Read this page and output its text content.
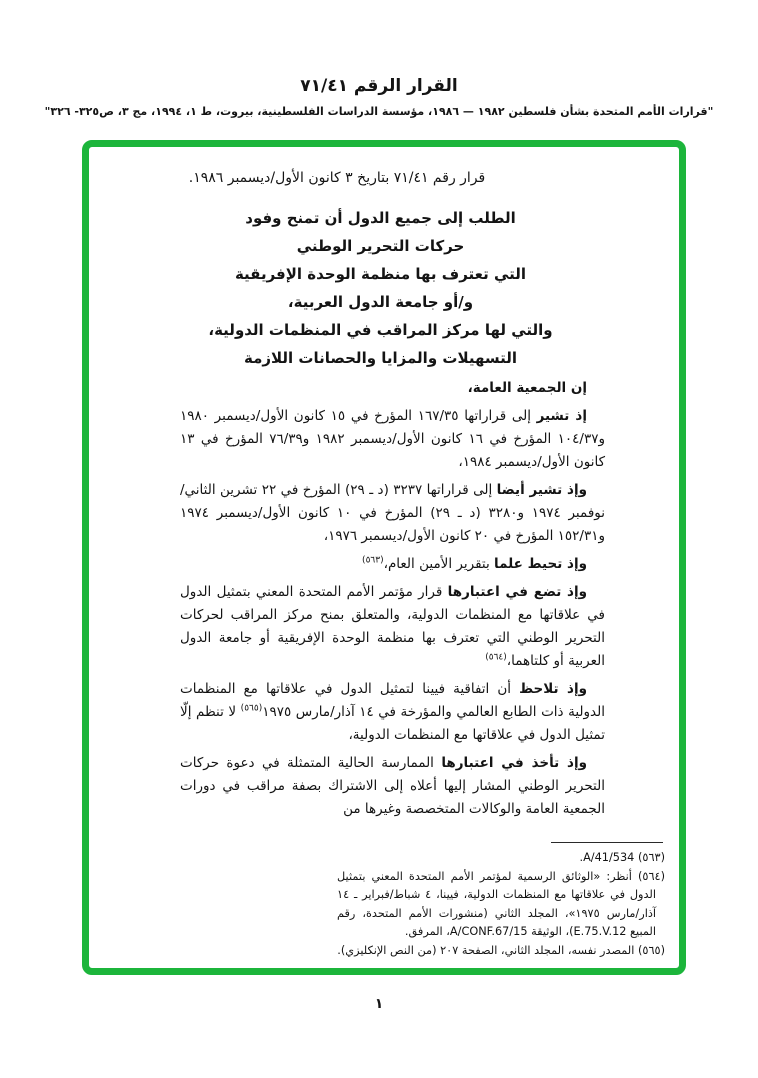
القرار الرقم ٧١/٤١
"قرارات الأمم المتحدة بشأن فلسطين ١٩٨٢ — ١٩٨٦، مؤسسة الدراسات الفلسطينية، بيروت، ط ١، ١٩٩٤، مج ٣، ص٣٢٥- ٣٢٦"
قرار رقم ٧١/٤١ بتاريخ ٣ كانون الأول/ديسمبر ١٩٨٦.
الطلب إلى جميع الدول أن تمنح وفود
حركات التحرير الوطني
التي تعترف بها منظمة الوحدة الإفريقية
و/أو جامعة الدول العربية،
والتي لها مركز المراقب في المنظمات الدولية،
التسهيلات والمزايا والحصانات اللازمة
إن الجمعية العامة،
إذ تشير إلى قراراتها ١٦٧/٣٥ المؤرخ في ١٥ كانون الأول/ديسمبر ١٩٨٠ و١٠٤/٣٧ المؤرخ في ١٦ كانون الأول/ديسمبر ١٩٨٢ و٧٦/٣٩ المؤرخ في ١٣ كانون الأول/ديسمبر ١٩٨٤،
وإذ تشير أيضا إلى قراراتها ٣٢٣٧ (د ـ ٢٩) المؤرخ في ٢٢ تشرين الثاني/نوفمبر ١٩٧٤ و٣٢٨٠ (د ـ ٢٩) المؤرخ في ١٠ كانون الأول/ديسمبر ١٩٧٤ و١٥٢/٣١ المؤرخ في ٢٠ كانون الأول/ديسمبر ١٩٧٦،
وإذ تحيط علما بتقرير الأمين العام،$^{(٥٦٣)}$
وإذ تضع في اعتبارها قرار مؤتمر الأمم المتحدة المعني بتمثيل الدول في علاقاتها مع المنظمات الدولية، والمتعلق بمنح مركز المراقب لحركات التحرير الوطني التي تعترف بها منظمة الوحدة الإفريقية أو جامعة الدول العربية أو كلتاهما،$^{(٥٦٤)}$
وإذ تلاحظ أن اتفاقية فيينا لتمثيل الدول في علاقاتها مع المنظمات الدولية ذات الطابع العالمي والمؤرخة في ١٤ آذار/مارس ١٩٧٥$^{(٥٦٥)}$ لا تنظم إلّا تمثيل الدول في علاقاتها مع المنظمات الدولية،
وإذ تأخذ في اعتبارها الممارسة الحالية المتمثلة في دعوة حركات التحرير الوطني المشار إليها أعلاه إلى الاشتراك بصفة مراقب في دورات الجمعية العامة والوكالات المتخصصة وغيرها من
(٥٦٣) A/41/534.
(٥٦٤) أنظر: «الوثائق الرسمية لمؤتمر الأمم المتحدة المعني بتمثيل الدول في علاقاتها مع المنظمات الدولية، فيينا، ٤ شباط/فبراير ـ ١٤ آذار/مارس ١٩٧٥»، المجلد الثاني (منشورات الأمم المتحدة، رقم المبيع E.75.V.12)، الوثيقة A/CONF.67/15، المرفق.
(٥٦٥) المصدر نفسه، المجلد الثاني، الصفحة ٢٠٧ (من النص الإنكليزي).
١
